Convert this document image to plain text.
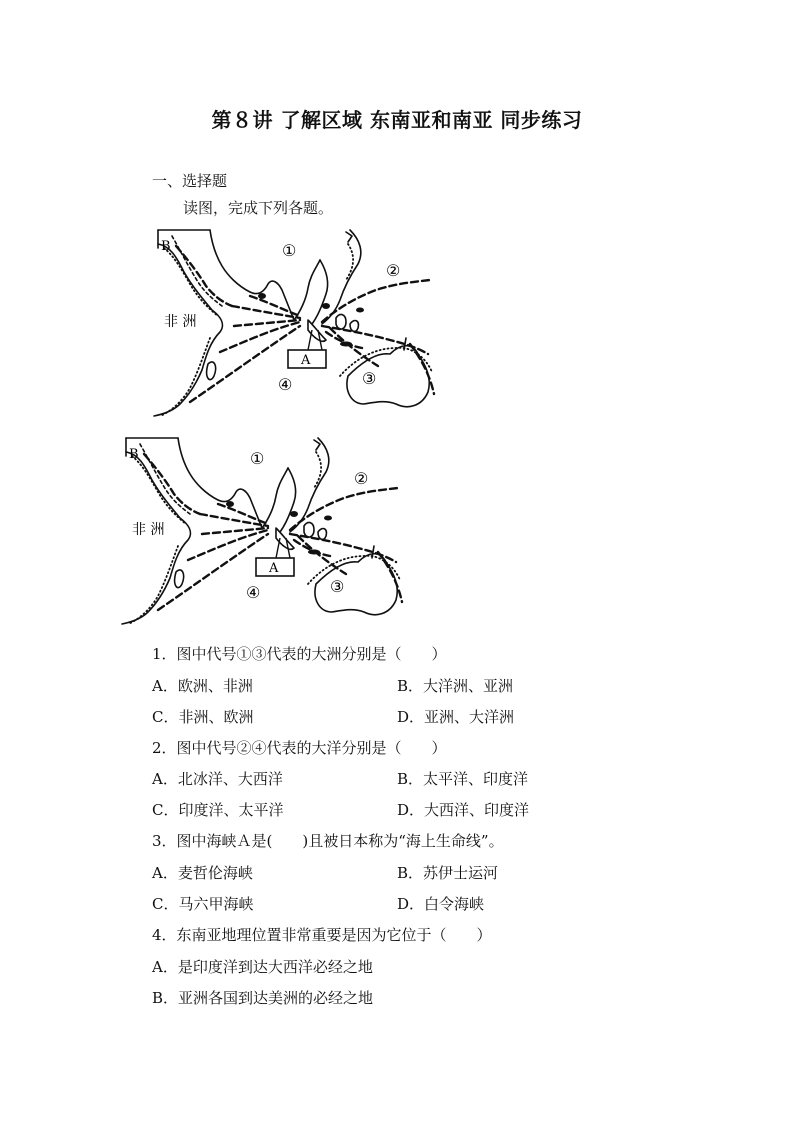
第８讲 了解区域 东南亚和南亚 同步练习
一、选择题
读图，完成下列各题。
A
B
非 洲
①
②
③
④
A
B
非 洲
①
②
③
④
1．图中代号①③代表的大洲分别是（　　）
A．欧洲、非洲	B．大洋洲、亚洲
C．非洲、欧洲	D．亚洲、大洋洲
2．图中代号②④代表的大洋分别是（　　）
A．北冰洋、大西洋	B．太平洋、印度洋
C．印度洋、太平洋	D．大西洋、印度洋
3．图中海峡Ａ是(　　)且被日本称为“海上生命线”。
A．麦哲伦海峡	B．苏伊士运河
C．马六甲海峡	D．白令海峡
4．东南亚地理位置非常重要是因为它位于（　　）
A．是印度洋到达大西洋必经之地
B．亚洲各国到达美洲的必经之地
